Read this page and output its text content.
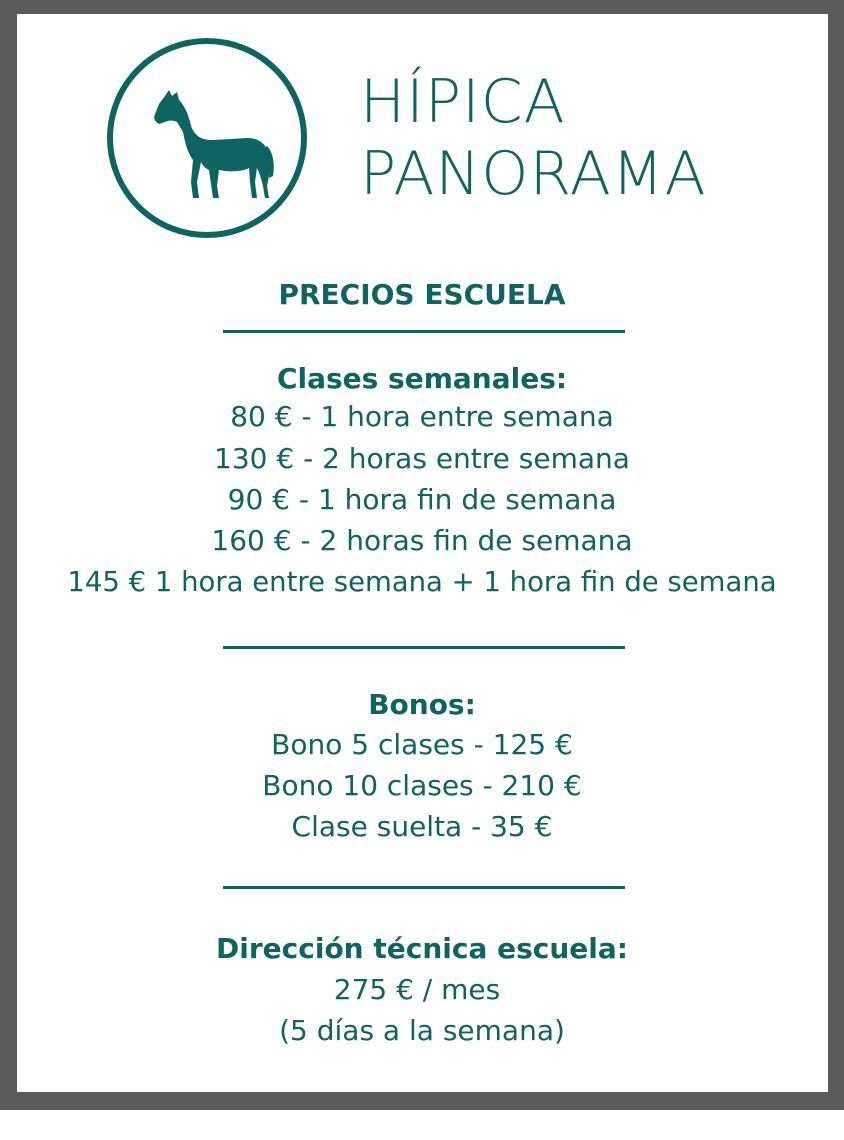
HÍPICA
PANORAMA
PRECIOS ESCUELA
Clases semanales:
80 € - 1 hora entre semana
130 € - 2 horas entre semana
90 € - 1 hora fin de semana
160 € - 2 horas fin de semana
145 € 1 hora entre semana + 1 hora fin de semana
Bonos:
Bono 5 clases - 125 €
Bono 10 clases - 210 €
Clase suelta - 35 €
Dirección técnica escuela:
275 € / mes
(5 días a la semana)
